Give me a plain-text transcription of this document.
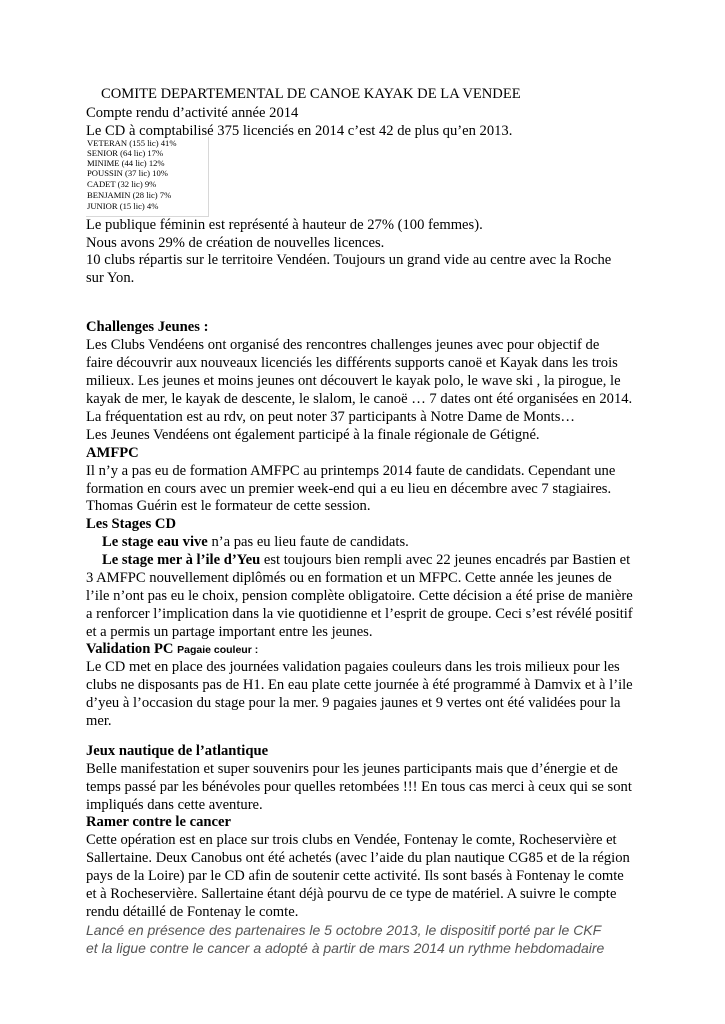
COMITE DEPARTEMENTAL DE CANOE KAYAK DE LA VENDEE
Compte rendu d’activité année 2014
Le CD à comptabilisé 375 licenciés en 2014 c’est 42 de plus qu’en 2013.
VETERAN (155 lic) 41%
SENIOR (64 lic) 17%
MINIME (44 lic) 12%
POUSSIN (37 lic) 10%
CADET (32 lic) 9%
BENJAMIN (28 lic) 7%
JUNIOR (15 lic) 4%
Le publique féminin est représenté à hauteur de 27% (100 femmes).
Nous avons 29% de création de nouvelles licences.
10 clubs répartis sur le territoire Vendéen. Toujours un grand vide au centre avec la Roche
sur Yon.
Challenges Jeunes :
Les Clubs Vendéens ont organisé des rencontres challenges jeunes avec pour objectif de
faire découvrir aux nouveaux licenciés les différents supports canoë et Kayak dans les trois
milieux. Les jeunes et moins jeunes ont découvert le kayak polo, le wave ski , la pirogue, le
kayak de mer, le kayak de descente, le slalom, le canoë … 7 dates ont été organisées en 2014.
La fréquentation est au rdv, on peut noter 37 participants à Notre Dame de Monts…
Les Jeunes Vendéens ont également participé à la finale régionale de Gétigné.
AMFPC
Il n’y a pas eu de formation AMFPC au printemps 2014 faute de candidats. Cependant une
formation en cours avec un premier week-end qui a eu lieu en décembre avec 7 stagiaires.
Thomas Guérin est le formateur de cette session.
Les Stages CD
Le stage eau vive n’a pas eu lieu faute de candidats.
Le stage mer à l’ile d’Yeu est toujours bien rempli avec 22 jeunes encadrés par Bastien et
3 AMFPC nouvellement diplômés ou en formation et un MFPC. Cette année les jeunes de
l’ile n’ont pas eu le choix, pension complète obligatoire. Cette décision a été prise de manière
a renforcer l’implication dans la vie quotidienne et l’esprit de groupe. Ceci s’est révélé positif
et a permis un partage important entre les jeunes.
Validation PC Pagaie couleur :
Le CD met en place des journées validation pagaies couleurs dans les trois milieux pour les
clubs ne disposants pas de H1. En eau plate cette journée à été programmé à Damvix et à l’ile
d’yeu à l’occasion du stage pour la mer. 9 pagaies jaunes et 9 vertes ont été validées pour la
mer.
Jeux nautique de l’atlantique
Belle manifestation et super souvenirs pour les jeunes participants mais que d’énergie et de
temps passé par les bénévoles pour quelles retombées !!! En tous cas merci à ceux qui se sont
impliqués dans cette aventure.
Ramer contre le cancer
Cette opération est en place sur trois clubs en Vendée, Fontenay le comte, Rocheservière et
Sallertaine. Deux Canobus ont été achetés (avec l’aide du plan nautique CG85 et de la région
pays de la Loire) par le CD afin de soutenir cette activité. Ils sont basés à Fontenay le comte
et à Rocheservière. Sallertaine étant déjà pourvu de ce type de matériel. A suivre le compte
rendu détaillé de Fontenay le comte.
Lancé en présence des partenaires le 5 octobre 2013, le dispositif porté par le CKF
et la ligue contre le cancer a adopté à partir de mars 2014 un rythme hebdomadaire
